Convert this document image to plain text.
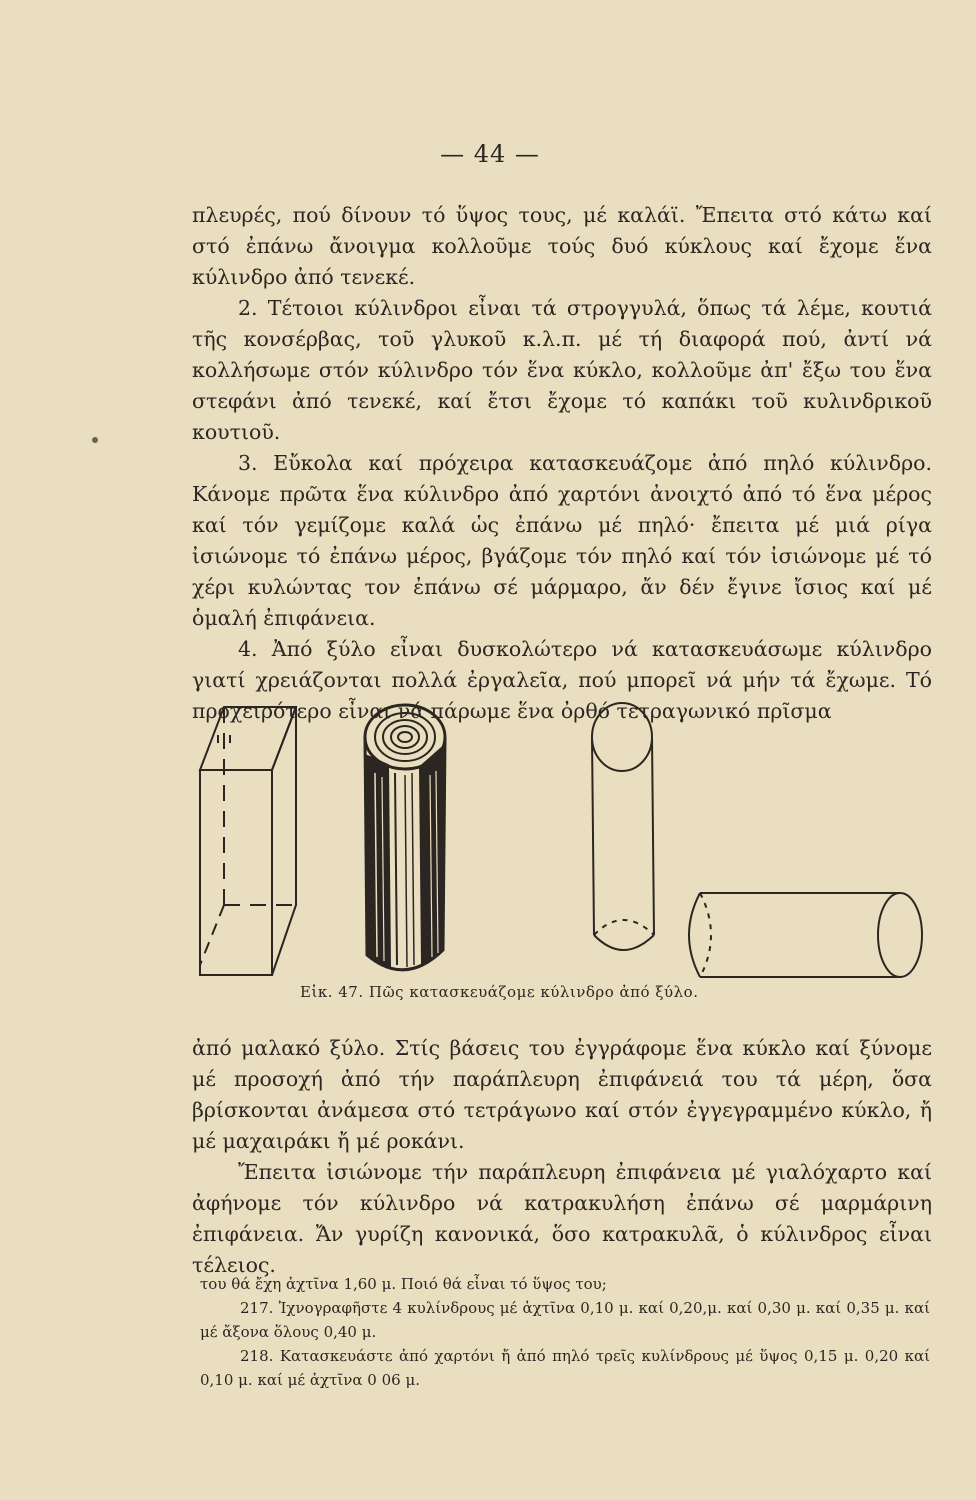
— 44 —

πλευρές, πού δίνουν τό ὕψος τους, μέ καλάϊ. Ἔπειτα στό κάτω καί στό ἐπάνω ἄνοιγμα κολλοῦμε τούς δυό κύκλους καί ἔχομε ἕνα κύλινδρο ἀπό τενεκέ.

2. Τέτοιοι κύλινδροι εἶναι τά στρογγυλά, ὅπως τά λέμε, κουτιά τῆς κονσέρβας, τοῦ γλυκοῦ κ.λ.π. μέ τή διαφορά πού, ἀντί νά κολλήσωμε στόν κύλινδρο τόν ἕνα κύκλο, κολλοῦμε ἀπ' ἔξω του ἕνα στεφάνι ἀπό τενεκέ, καί ἔτσι ἔχομε τό καπάκι τοῦ κυλινδρικοῦ κουτιοῦ.

3. Εὔκολα καί πρόχειρα κατασκευάζομε ἀπό πηλό κύλινδρο. Κάνομε πρῶτα ἕνα κύλινδρο ἀπό χαρτόνι ἀνοιχτό ἀπό τό ἕνα μέρος καί τόν γεμίζομε καλά ὡς ἐπάνω μέ πηλό· ἔπειτα μέ μιά ρίγα ἰσιώνομε τό ἐπάνω μέρος, βγάζομε τόν πηλό καί τόν ἰσιώνομε μέ τό χέρι κυλώντας τον ἐπάνω σέ μάρμαρο, ἄν δέν ἔγινε ἴσιος καί μέ ὁμαλή ἐπιφάνεια.

4. Ἀπό ξύλο εἶναι δυσκολώτερο νά κατασκευάσωμε κύλινδρο γιατί χρειάζονται πολλά ἐργαλεῖα, πού μπορεῖ νά μήν τά ἔχωμε. Τό προχειρότερο εἶναι νά πάρωμε ἕνα ὀρθό τετραγωνικό πρῖσμα

Εἰκ. 47. Πῶς κατασκευάζομε κύλινδρο ἀπό ξύλο.

ἀπό μαλακό ξύλο. Στίς βάσεις του ἐγγράφομε ἕνα κύκλο καί ξύνομε μέ προσοχή ἀπό τήν παράπλευρη ἐπιφάνειά του τά μέρη, ὅσα βρίσκονται ἀνάμεσα στό τετράγωνο καί στόν ἐγγεγραμμένο κύκλο, ἤ μέ μαχαιράκι ἤ μέ ροκάνι.

Ἔπειτα ἰσιώνομε τήν παράπλευρη ἐπιφάνεια μέ γιαλόχαρτο καί ἀφήνομε τόν κύλινδρο νά κατρακυλήση ἐπάνω σέ μαρμάρινη ἐπιφάνεια. Ἄν γυρίζη κανονικά, ὅσο κατρακυλᾶ, ὁ κύλινδρος εἶναι τέλειος.

του θά ἔχη ἀχτῖνα 1,60 μ. Ποιό θά εἶναι τό ὕψος του;

217. Ἰχνογραφῆστε 4 κυλίνδρους μέ ἀχτῖνα 0,10 μ. καί 0,20,μ. καί 0,30 μ. καί 0,35 μ. καί μέ ἄξονα ὅλους 0,40 μ.

218. Κατασκευάστε ἀπό χαρτόνι ἤ ἀπό πηλό τρεῖς κυλίνδρους μέ ὕψος 0,15 μ. 0,20 καί 0,10 μ. καί μέ ἀχτῖνα 0 06 μ.
